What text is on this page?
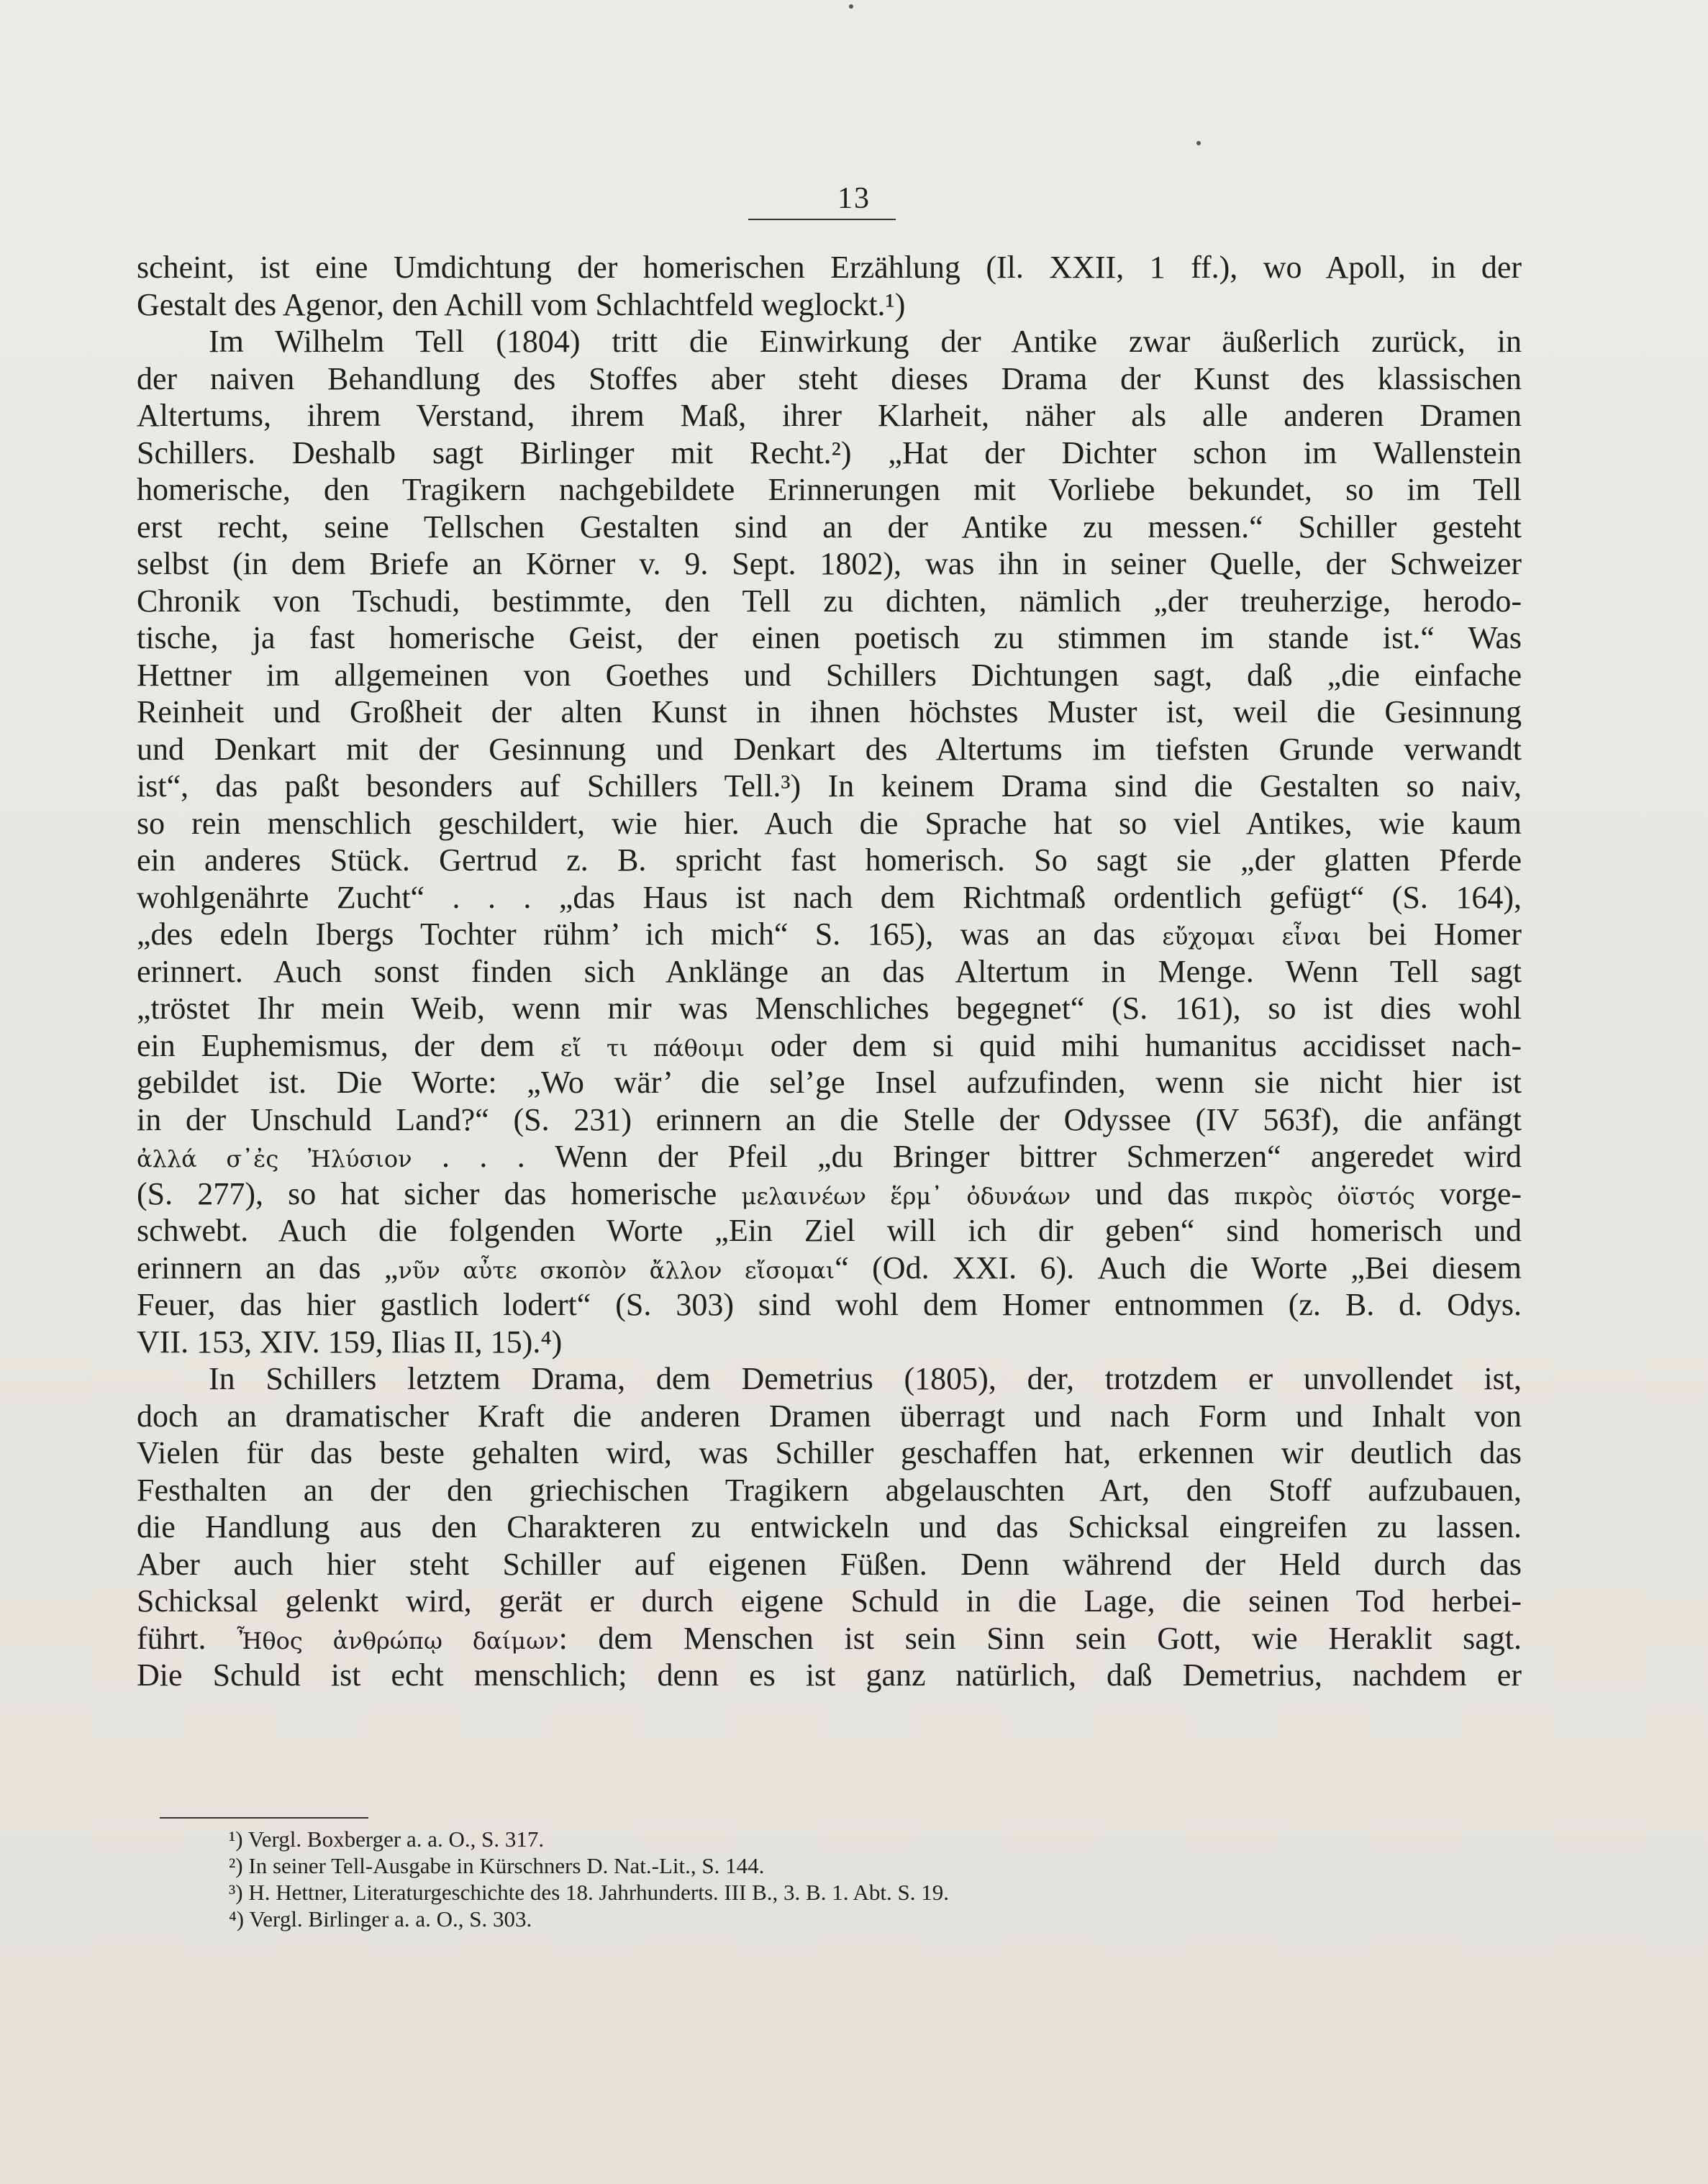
13
scheint, ist eine Umdichtung der homerischen Erzählung (Il. XXII, 1 ff.), wo Apoll, in der
Gestalt des Agenor, den Achill vom Schlachtfeld weglockt.¹)
Im Wilhelm Tell (1804) tritt die Einwirkung der Antike zwar äußerlich zurück, in
der naiven Behandlung des Stoffes aber steht dieses Drama der Kunst des klassischen
Altertums, ihrem Verstand, ihrem Maß, ihrer Klarheit, näher als alle anderen Dramen
Schillers. Deshalb sagt Birlinger mit Recht.²) „Hat der Dichter schon im Wallenstein
homerische, den Tragikern nachgebildete Erinnerungen mit Vorliebe bekundet, so im Tell
erst recht, seine Tellschen Gestalten sind an der Antike zu messen.“ Schiller gesteht
selbst (in dem Briefe an Körner v. 9. Sept. 1802), was ihn in seiner Quelle, der Schweizer
Chronik von Tschudi, bestimmte, den Tell zu dichten, nämlich „der treuherzige, herodo-
tische, ja fast homerische Geist, der einen poetisch zu stimmen im stande ist.“ Was
Hettner im allgemeinen von Goethes und Schillers Dichtungen sagt, daß „die einfache
Reinheit und Großheit der alten Kunst in ihnen höchstes Muster ist, weil die Gesinnung
und Denkart mit der Gesinnung und Denkart des Altertums im tiefsten Grunde verwandt
ist“, das paßt besonders auf Schillers Tell.³) In keinem Drama sind die Gestalten so naiv,
so rein menschlich geschildert, wie hier. Auch die Sprache hat so viel Antikes, wie kaum
ein anderes Stück. Gertrud z. B. spricht fast homerisch. So sagt sie „der glatten Pferde
wohlgenährte Zucht“ . . . „das Haus ist nach dem Richtmaß ordentlich gefügt“ (S. 164),
„des edeln Ibergs Tochter rühm’ ich mich“ S. 165), was an das εὔχομαι εἶναι bei Homer
erinnert. Auch sonst finden sich Anklänge an das Altertum in Menge. Wenn Tell sagt
„tröstet Ihr mein Weib, wenn mir was Menschliches begegnet“ (S. 161), so ist dies wohl
ein Euphemismus, der dem εἴ τι πάθοιμι oder dem si quid mihi humanitus accidisset nach-
gebildet ist. Die Worte: „Wo wär’ die sel’ge Insel aufzufinden, wenn sie nicht hier ist
in der Unschuld Land?“ (S. 231) erinnern an die Stelle der Odyssee (IV 563f), die anfängt
ἀλλά σ᾽ἐς Ἠλύσιον . . . Wenn der Pfeil „du Bringer bittrer Schmerzen“ angeredet wird
(S. 277), so hat sicher das homerische μελαινέων ἕρμ᾽ ὀδυνάων und das πικρὸς ὀϊστός vorge-
schwebt. Auch die folgenden Worte „Ein Ziel will ich dir geben“ sind homerisch und
erinnern an das „νῦν αὖτε σκοπὸν ἄλλον εἴσομαι“ (Od. XXI. 6). Auch die Worte „Bei diesem
Feuer, das hier gastlich lodert“ (S. 303) sind wohl dem Homer entnommen (z. B. d. Odys.
VII. 153, XIV. 159, Ilias II, 15).⁴)
In Schillers letztem Drama, dem Demetrius (1805), der, trotzdem er unvollendet ist,
doch an dramatischer Kraft die anderen Dramen überragt und nach Form und Inhalt von
Vielen für das beste gehalten wird, was Schiller geschaffen hat, erkennen wir deutlich das
Festhalten an der den griechischen Tragikern abgelauschten Art, den Stoff aufzubauen,
die Handlung aus den Charakteren zu entwickeln und das Schicksal eingreifen zu lassen.
Aber auch hier steht Schiller auf eigenen Füßen. Denn während der Held durch das
Schicksal gelenkt wird, gerät er durch eigene Schuld in die Lage, die seinen Tod herbei-
führt. Ἦθος ἀνθρώπῳ δαίμων: dem Menschen ist sein Sinn sein Gott, wie Heraklit sagt.
Die Schuld ist echt menschlich; denn es ist ganz natürlich, daß Demetrius, nachdem er
¹) Vergl. Boxberger a. a. O., S. 317.
²) In seiner Tell-Ausgabe in Kürschners D. Nat.-Lit., S. 144.
³) H. Hettner, Literaturgeschichte des 18. Jahrhunderts. III B., 3. B. 1. Abt. S. 19.
⁴) Vergl. Birlinger a. a. O., S. 303.
